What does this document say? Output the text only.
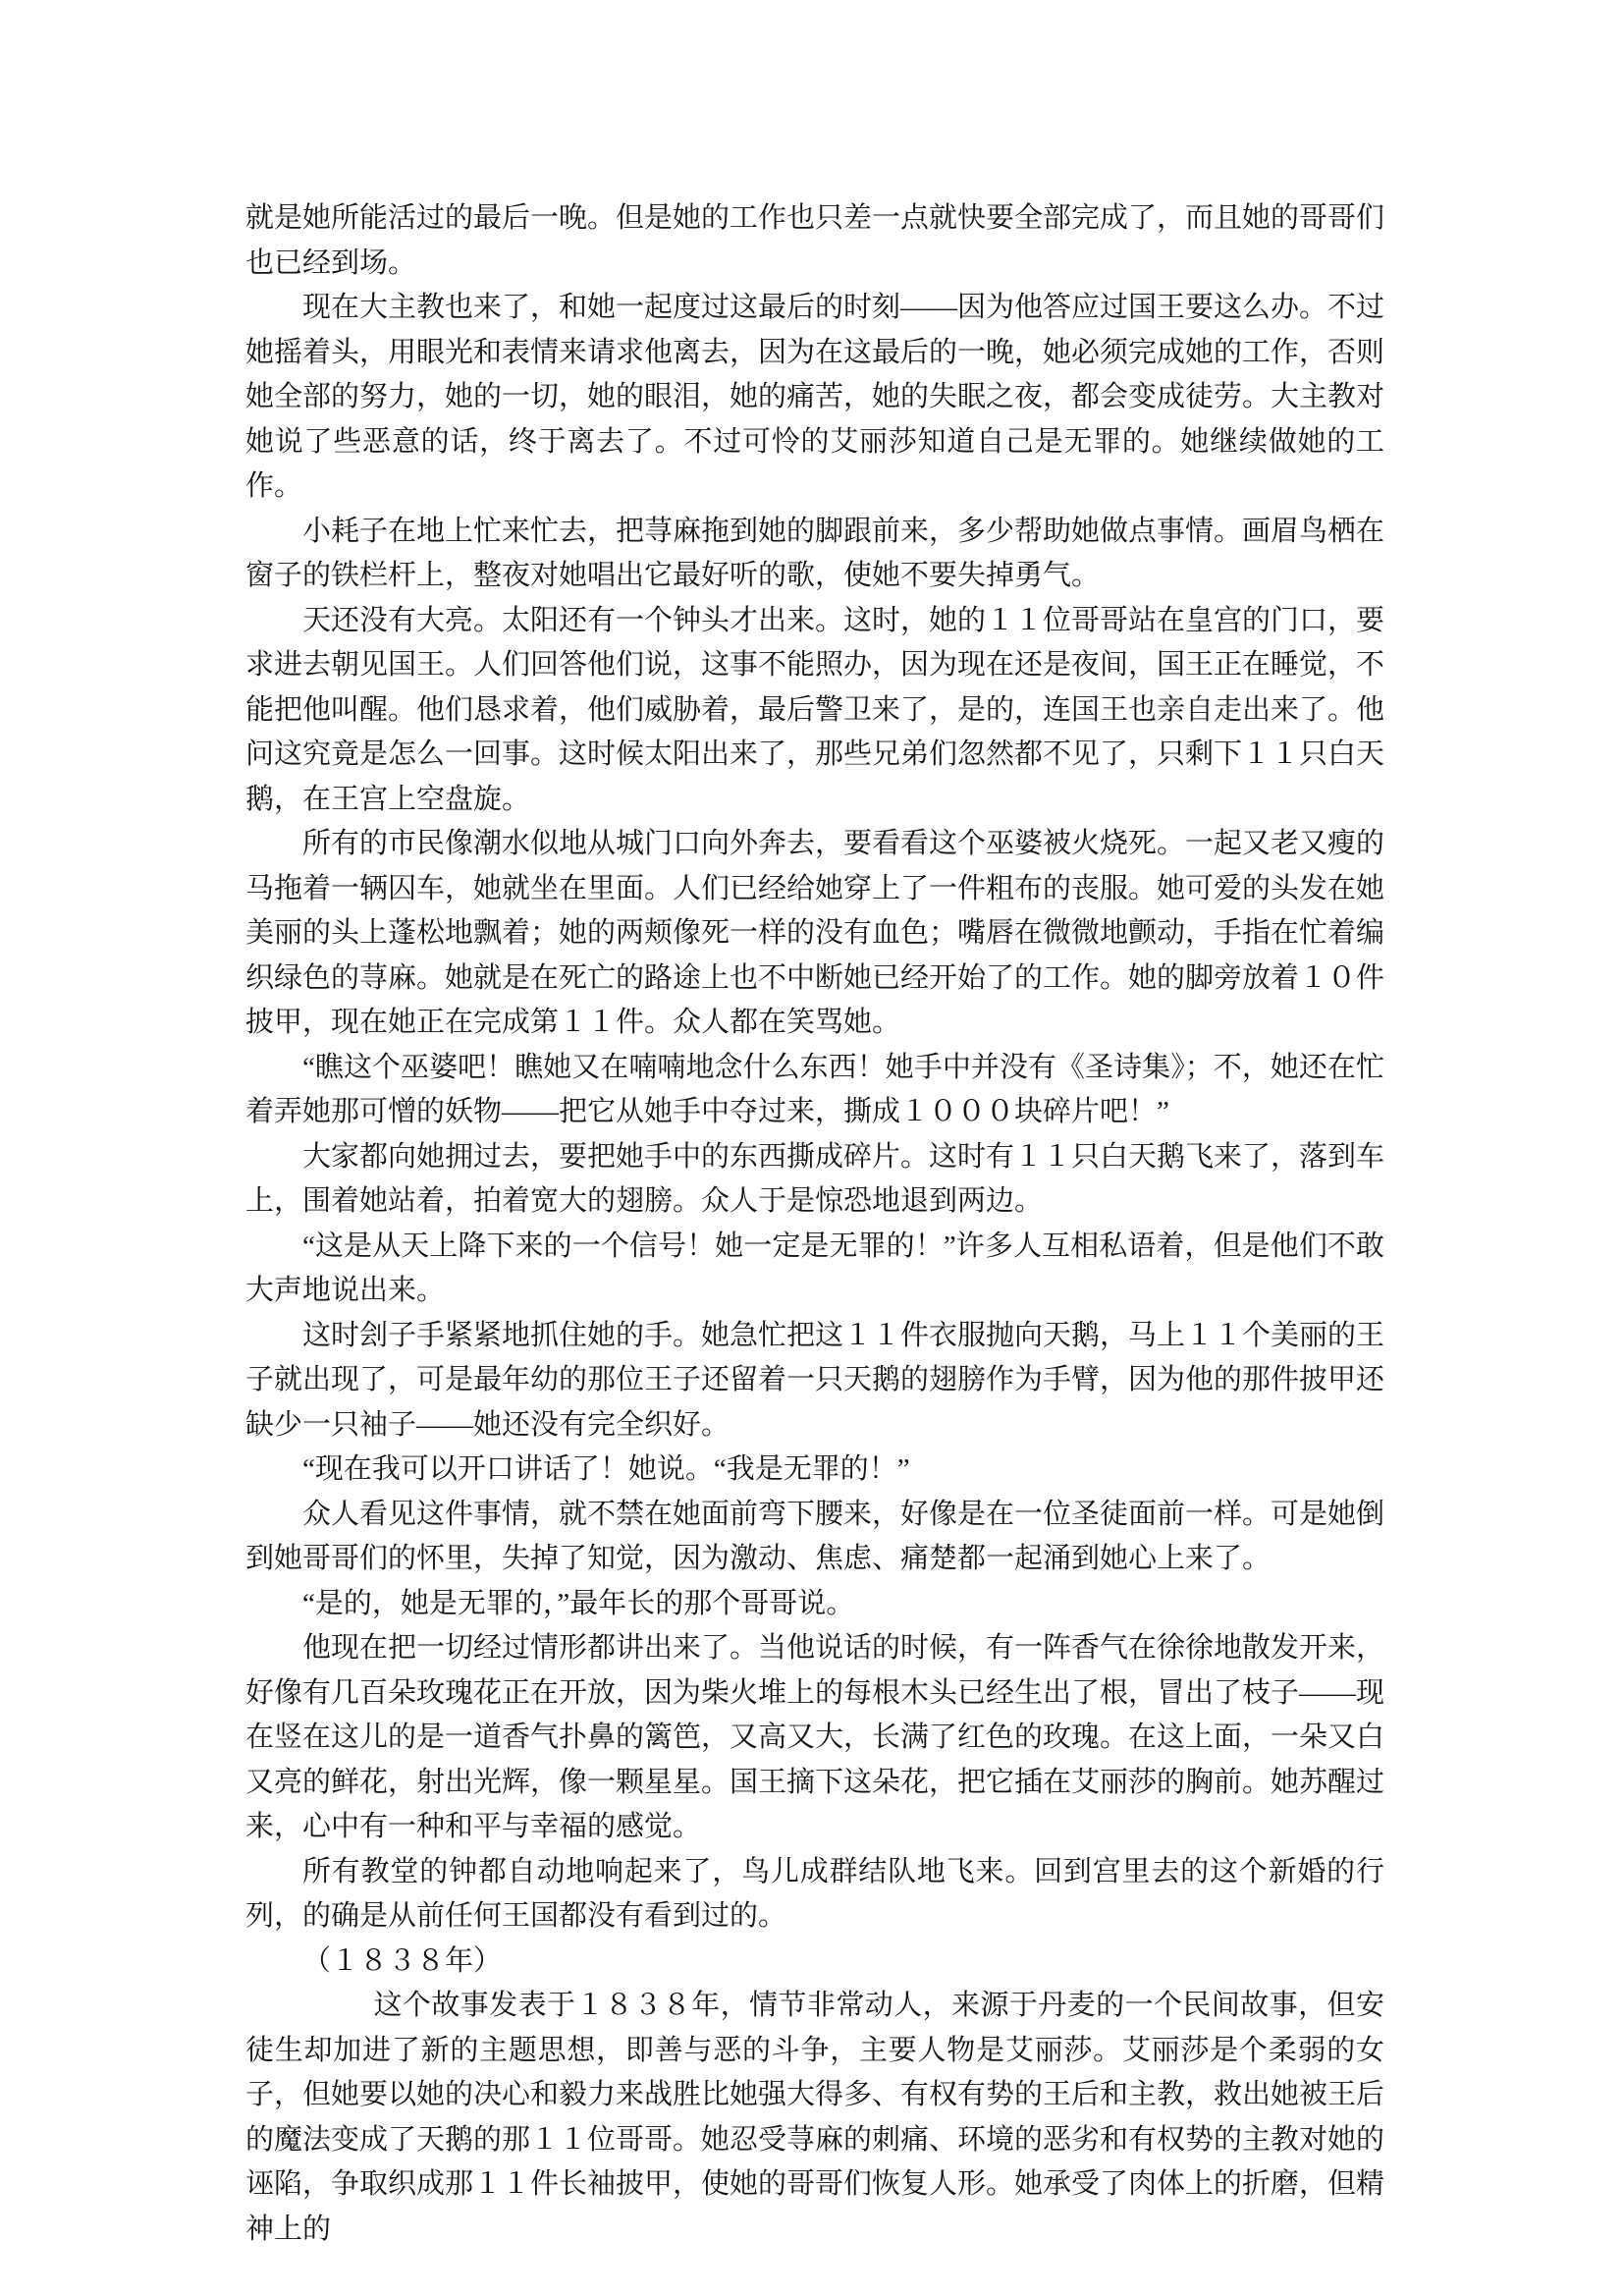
就是她所能活过的最后一晚。但是她的工作也只差一点就快要全部完成了，而且她的哥哥们也已经到场。

现在大主教也来了，和她一起度过这最后的时刻——因为他答应过国王要这么办。不过她摇着头，用眼光和表情来请求他离去，因为在这最后的一晚，她必须完成她的工作，否则她全部的努力，她的一切，她的眼泪，她的痛苦，她的失眠之夜，都会变成徒劳。大主教对她说了些恶意的话，终于离去了。不过可怜的艾丽莎知道自己是无罪的。她继续做她的工作。

小耗子在地上忙来忙去，把荨麻拖到她的脚跟前来，多少帮助她做点事情。画眉鸟栖在窗子的铁栏杆上，整夜对她唱出它最好听的歌，使她不要失掉勇气。

天还没有大亮。太阳还有一个钟头才出来。这时，她的１１位哥哥站在皇宫的门口，要求进去朝见国王。人们回答他们说，这事不能照办，因为现在还是夜间，国王正在睡觉，不能把他叫醒。他们恳求着，他们威胁着，最后警卫来了，是的，连国王也亲自走出来了。他问这究竟是怎么一回事。这时候太阳出来了，那些兄弟们忽然都不见了，只剩下１１只白天鹅，在王宫上空盘旋。

所有的市民像潮水似地从城门口向外奔去，要看看这个巫婆被火烧死。一起又老又瘦的马拖着一辆囚车，她就坐在里面。人们已经给她穿上了一件粗布的丧服。她可爱的头发在她美丽的头上蓬松地飘着；她的两颊像死一样的没有血色；嘴唇在微微地颤动，手指在忙着编织绿色的荨麻。她就是在死亡的路途上也不中断她已经开始了的工作。她的脚旁放着１０件披甲，现在她正在完成第１１件。众人都在笑骂她。

“瞧这个巫婆吧！瞧她又在喃喃地念什么东西！她手中并没有《圣诗集》；不，她还在忙着弄她那可憎的妖物——把它从她手中夺过来，撕成１０００块碎片吧！”

大家都向她拥过去，要把她手中的东西撕成碎片。这时有１１只白天鹅飞来了，落到车上，围着她站着，拍着宽大的翅膀。众人于是惊恐地退到两边。

“这是从天上降下来的一个信号！她一定是无罪的！”许多人互相私语着，但是他们不敢大声地说出来。

这时刽子手紧紧地抓住她的手。她急忙把这１１件衣服抛向天鹅，马上１１个美丽的王子就出现了，可是最年幼的那位王子还留着一只天鹅的翅膀作为手臂，因为他的那件披甲还缺少一只袖子——她还没有完全织好。

“现在我可以开口讲话了！她说。“我是无罪的！”

众人看见这件事情，就不禁在她面前弯下腰来，好像是在一位圣徒面前一样。可是她倒到她哥哥们的怀里，失掉了知觉，因为激动、焦虑、痛楚都一起涌到她心上来了。

“是的，她是无罪的，”最年长的那个哥哥说。

他现在把一切经过情形都讲出来了。当他说话的时候，有一阵香气在徐徐地散发开来，好像有几百朵玫瑰花正在开放，因为柴火堆上的每根木头已经生出了根，冒出了枝子——现在竖在这儿的是一道香气扑鼻的篱笆，又高又大，长满了红色的玫瑰。在这上面，一朵又白又亮的鲜花，射出光辉，像一颗星星。国王摘下这朵花，把它插在艾丽莎的胸前。她苏醒过来，心中有一种和平与幸福的感觉。

所有教堂的钟都自动地响起来了，鸟儿成群结队地飞来。回到宫里去的这个新婚的行列，的确是从前任何王国都没有看到过的。

（１８３８年）

这个故事发表于１８３８年，情节非常动人，来源于丹麦的一个民间故事，但安徒生却加进了新的主题思想，即善与恶的斗争，主要人物是艾丽莎。艾丽莎是个柔弱的女子，但她要以她的决心和毅力来战胜比她强大得多、有权有势的王后和主教，救出她被王后的魔法变成了天鹅的那１１位哥哥。她忍受荨麻的刺痛、环境的恶劣和有权势的主教对她的诬陷，争取织成那１１件长袖披甲，使她的哥哥们恢复人形。她承受了肉体上的折磨，但精神上的
